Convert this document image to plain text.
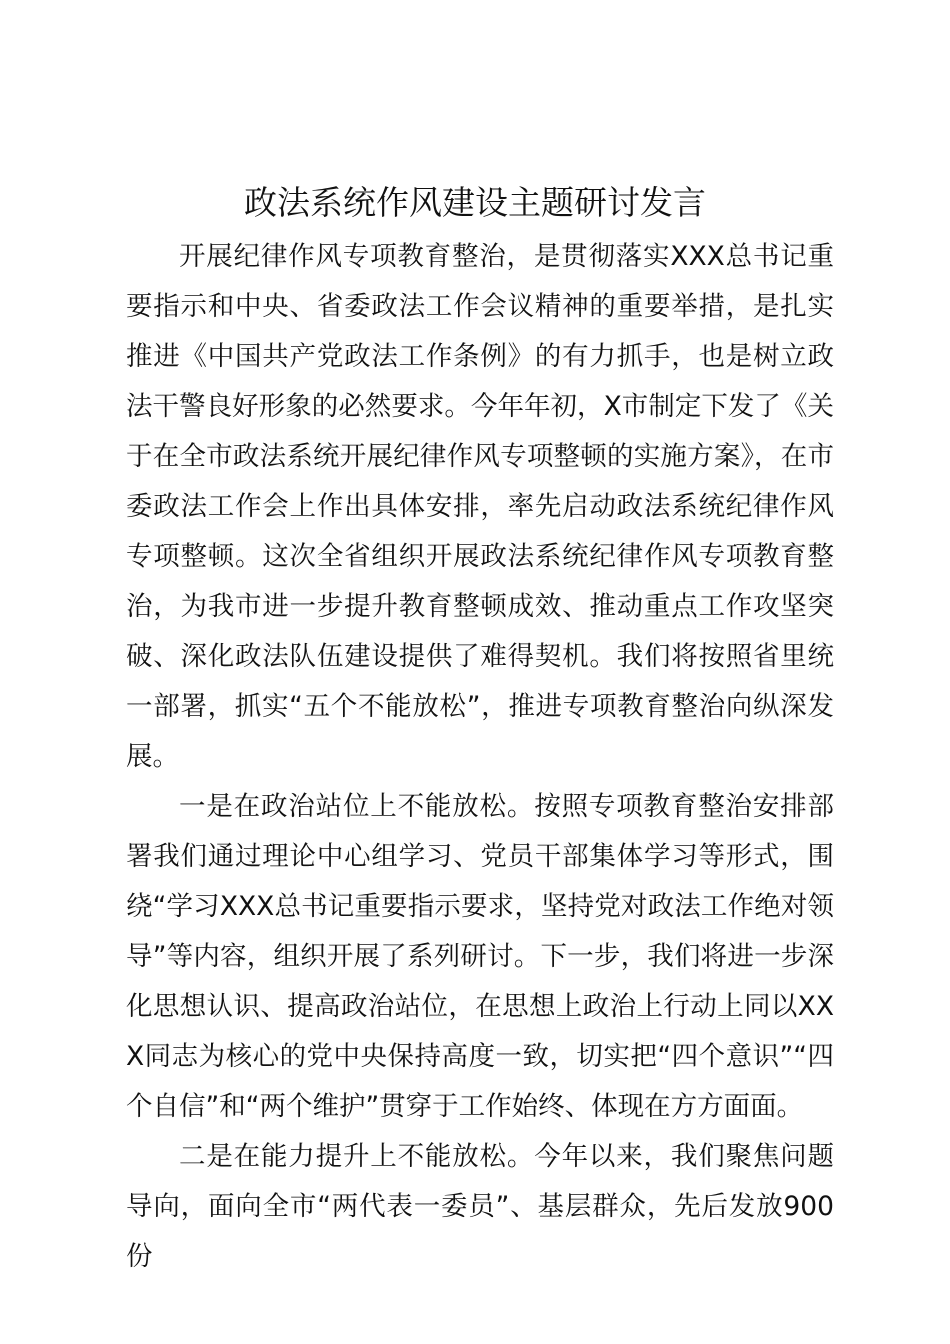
政法系统作风建设主题研讨发言

开展纪律作风专项教育整治，是贯彻落实XXX总书记重要指示和中央、省委政法工作会议精神的重要举措，是扎实推进《中国共产党政法工作条例》的有力抓手，也是树立政法干警良好形象的必然要求。今年年初，X市制定下发了《关于在全市政法系统开展纪律作风专项整顿的实施方案》，在市委政法工作会上作出具体安排，率先启动政法系统纪律作风专项整顿。这次全省组织开展政法系统纪律作风专项教育整治，为我市进一步提升教育整顿成效、推动重点工作攻坚突破、深化政法队伍建设提供了难得契机。我们将按照省里统一部署，抓实“五个不能放松”，推进专项教育整治向纵深发展。

一是在政治站位上不能放松。按照专项教育整治安排部署我们通过理论中心组学习、党员干部集体学习等形式，围绕“学习XXX总书记重要指示要求，坚持党对政法工作绝对领导”等内容，组织开展了系列研讨。下一步，我们将进一步深化思想认识、提高政治站位，在思想上政治上行动上同以XXX同志为核心的党中央保持高度一致，切实把“四个意识”“四个自信”和“两个维护”贯穿于工作始终、体现在方方面面。

二是在能力提升上不能放松。今年以来，我们聚焦问题导向，面向全市“两代表一委员”、基层群众，先后发放900份
